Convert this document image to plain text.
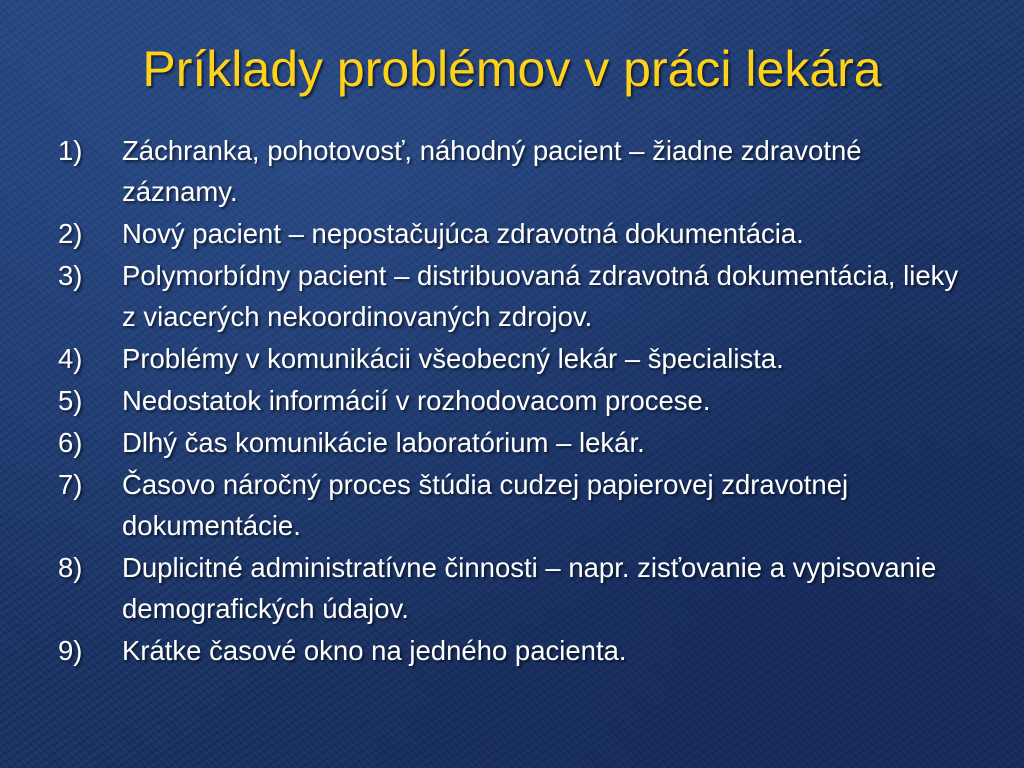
Príklady problémov v práci lekára
1)	Záchranka, pohotovosť, náhodný pacient – žiadne zdravotné záznamy.
2)	Nový pacient – nepostačujúca zdravotná dokumentácia.
3)	Polymorbídny pacient – distribuovaná zdravotná dokumentácia, lieky z viacerých nekoordinovaných zdrojov.
4)	Problémy v komunikácii všeobecný lekár – špecialista.
5)	Nedostatok informácií v rozhodovacom procese.
6)	Dlhý čas komunikácie laboratórium – lekár.
7)	Časovo náročný proces štúdia cudzej papierovej zdravotnej dokumentácie.
8)	Duplicitné administratívne činnosti – napr. zisťovanie a vypisovanie demografických údajov.
9)	Krátke časové okno na jedného pacienta.
